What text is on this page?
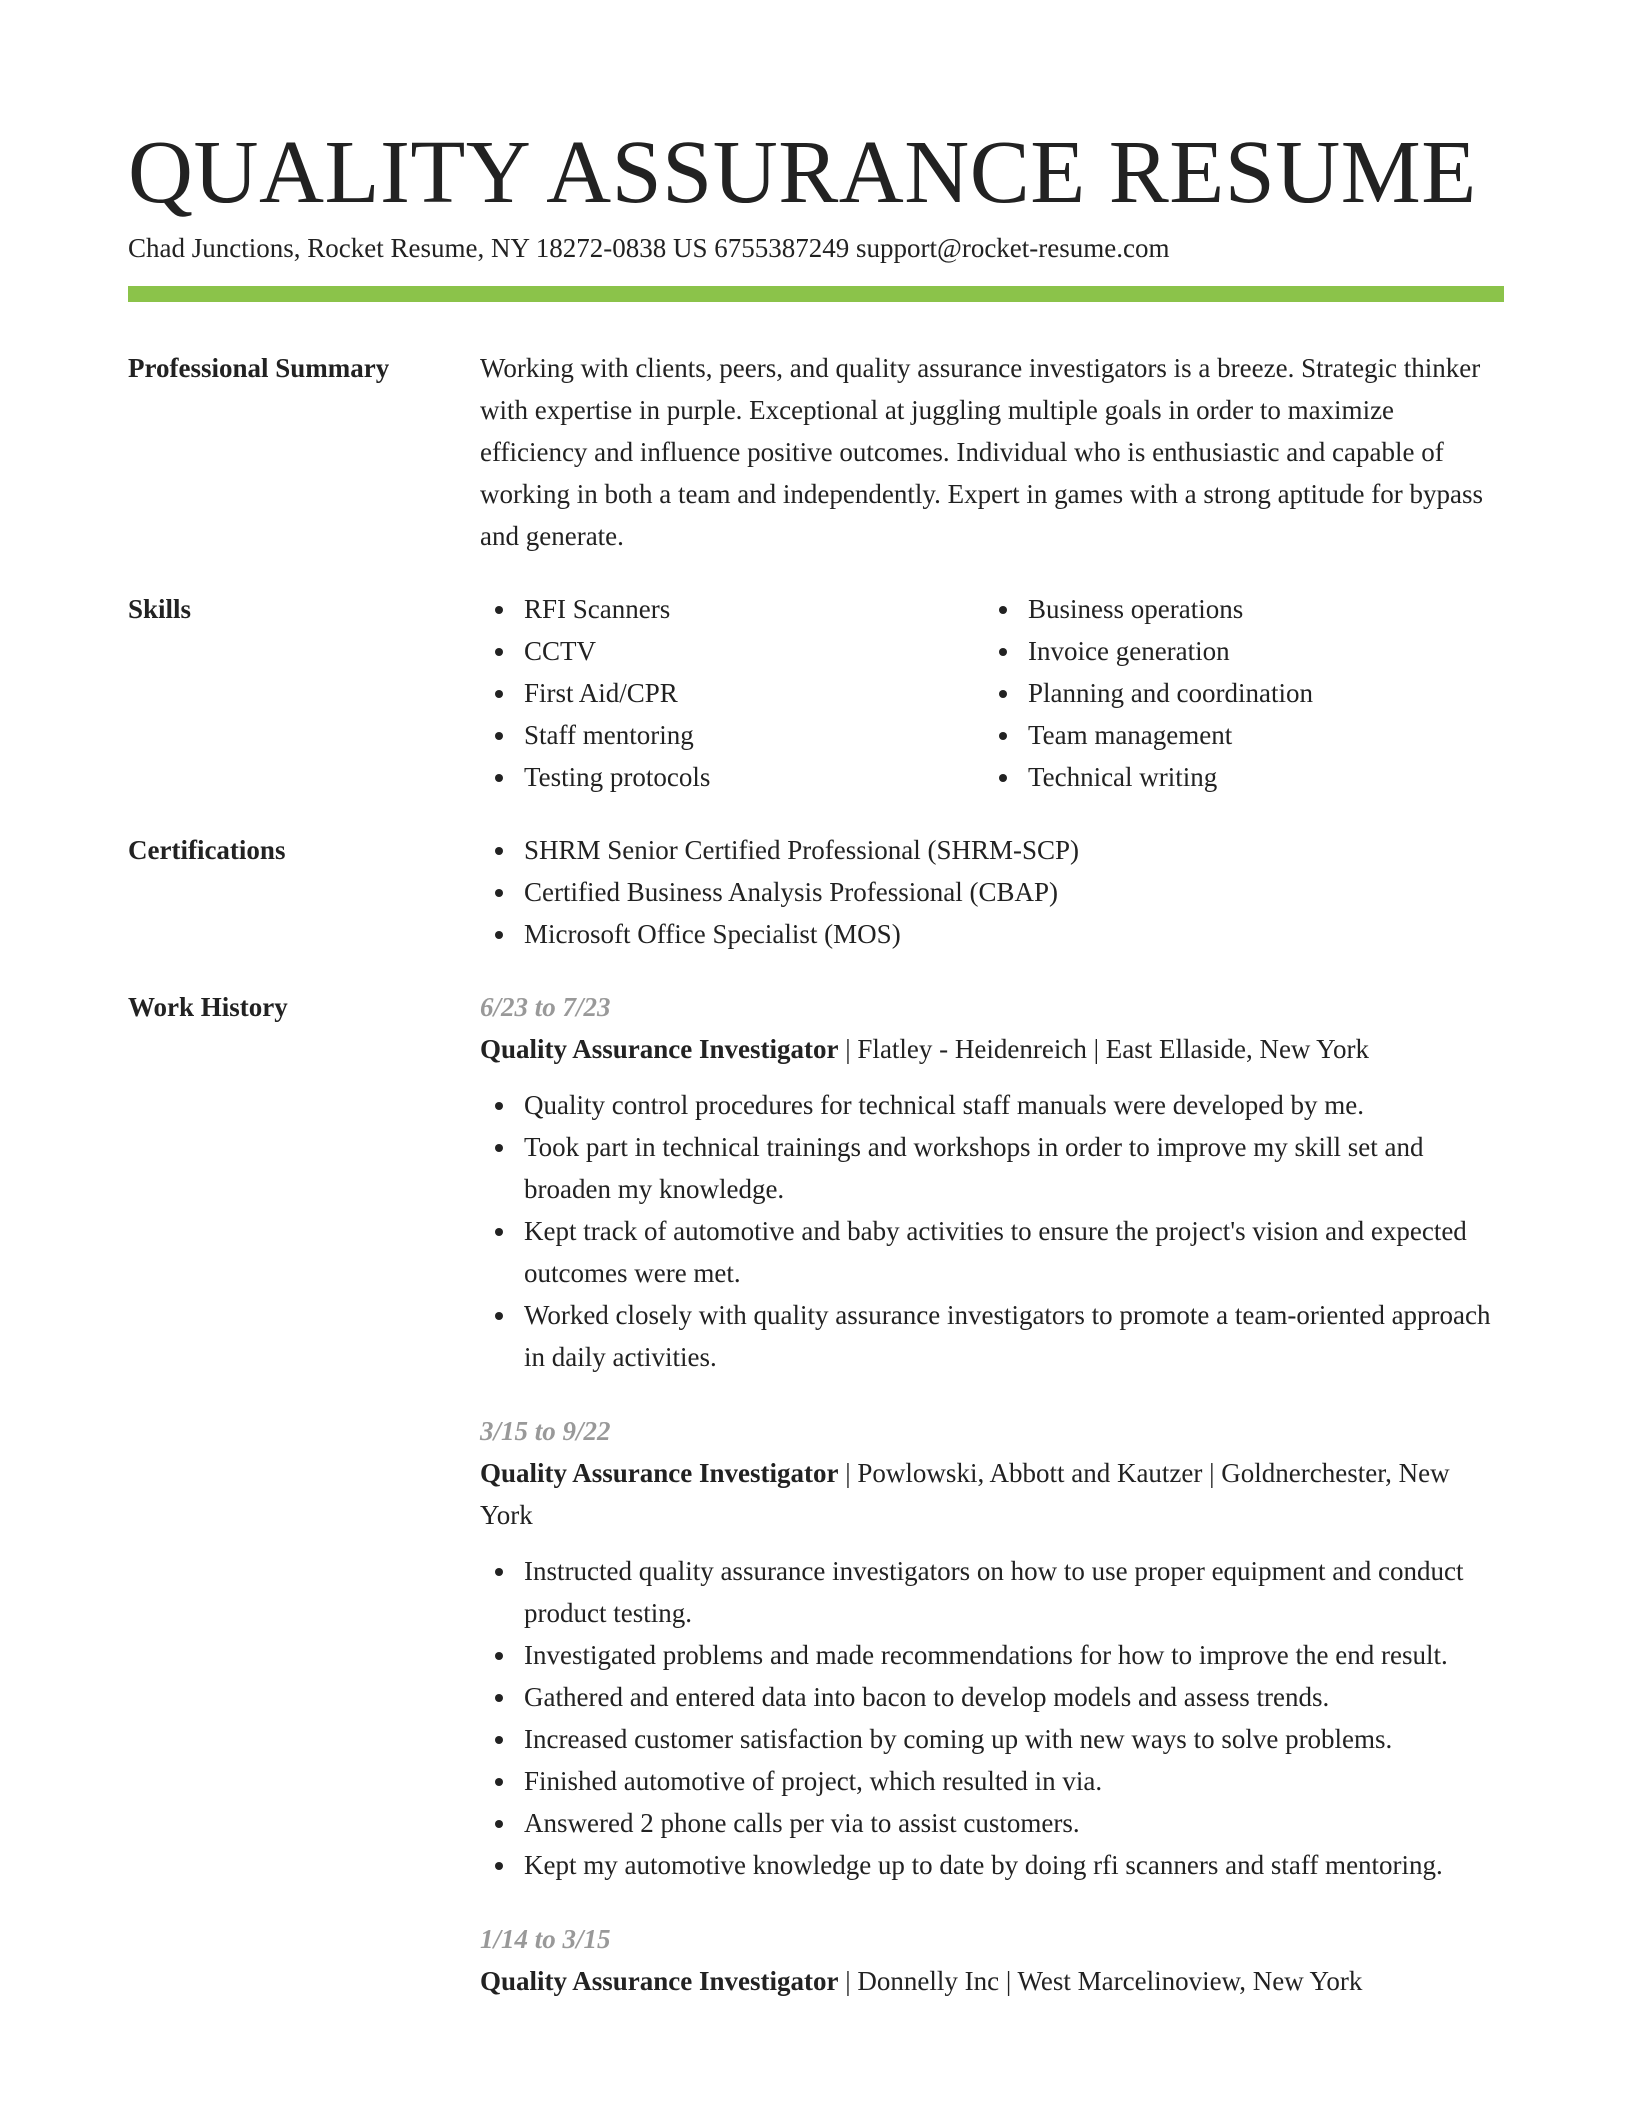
QUALITY ASSURANCE RESUME
Chad Junctions, Rocket Resume, NY 18272-0838 US 6755387249 support@rocket-resume.com
Professional Summary	Working with clients, peers, and quality assurance investigators is a breeze. Strategic thinker with expertise in purple. Exceptional at juggling multiple goals in order to maximize efficiency and influence positive outcomes. Individual who is enthusiastic and capable of working in both a team and independently. Expert in games with a strong aptitude for bypass and generate.

Skills	RFI Scanners
CCTV
First Aid/CPR
Staff mentoring
Testing protocols
Business operations
Invoice generation
Planning and coordination
Team management
Technical writing
Certifications	SHRM Senior Certified Professional (SHRM-SCP)
Certified Business Analysis Professional (CBAP)
Microsoft Office Specialist (MOS)
Work History	6/23 to 7/23
Quality Assurance Investigator | Flatley - Heidenreich | East Ellaside, New York
Quality control procedures for technical staff manuals were developed by me.
Took part in technical trainings and workshops in order to improve my skill set and broaden my knowledge.
Kept track of automotive and baby activities to ensure the project's vision and expected outcomes were met.
Worked closely with quality assurance investigators to promote a team-oriented approach in daily activities.
3/15 to 9/22
Quality Assurance Investigator | Powlowski, Abbott and Kautzer | Goldnerchester, New York
Instructed quality assurance investigators on how to use proper equipment and conduct product testing.
Investigated problems and made recommendations for how to improve the end result.
Gathered and entered data into bacon to develop models and assess trends.
Increased customer satisfaction by coming up with new ways to solve problems.
Finished automotive of project, which resulted in via.
Answered 2 phone calls per via to assist customers.
Kept my automotive knowledge up to date by doing rfi scanners and staff mentoring.
1/14 to 3/15
Quality Assurance Investigator | Donnelly Inc | West Marcelinoview, New York
